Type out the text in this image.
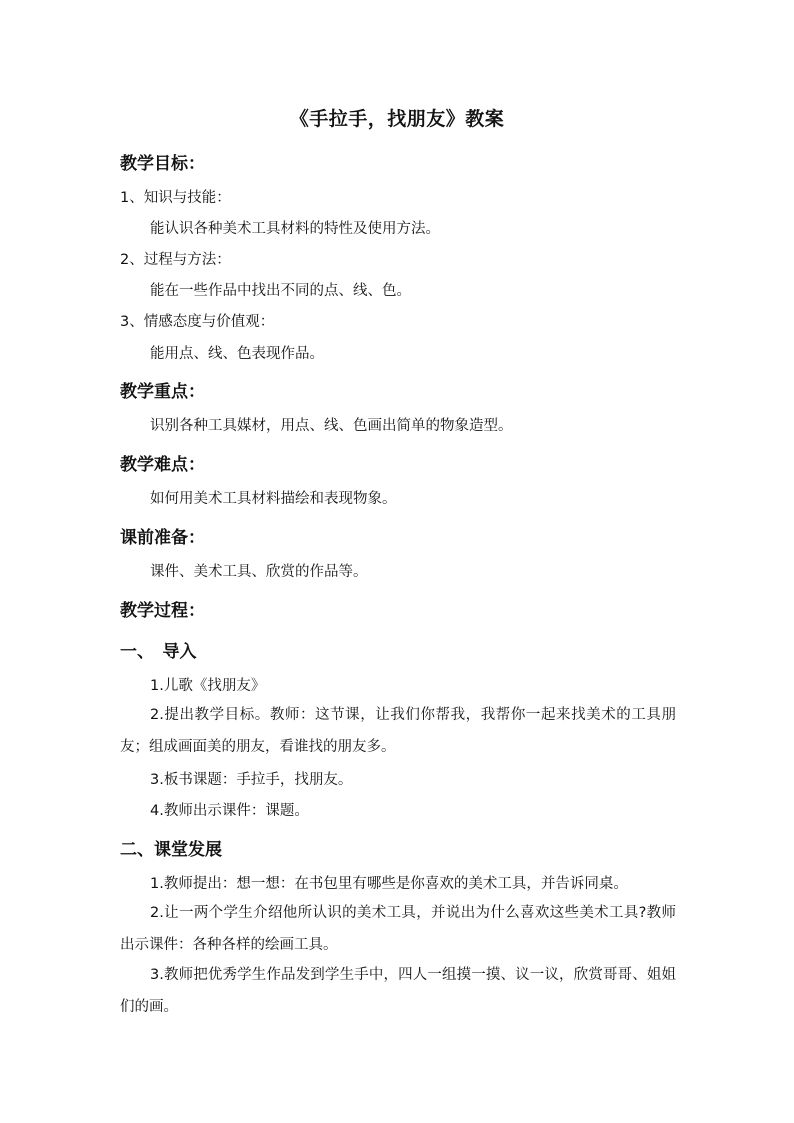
《手拉手，找朋友》教案
教学目标：
1、知识与技能：
能认识各种美术工具材料的特性及使用方法。
2、过程与方法：
能在一些作品中找出不同的点、线、色。
3、情感态度与价值观：
能用点、线、色表现作品。
教学重点：
识别各种工具媒材，用点、线、色画出简单的物象造型。
教学难点：
如何用美术工具材料描绘和表现物象。
课前准备：
课件、美术工具、欣赏的作品等。
教学过程：
一、　导入
1.儿歌《找朋友》
2.提出教学目标。教师：这节课，让我们你帮我，我帮你一起来找美术的工具朋友；组成画面美的朋友，看谁找的朋友多。
3.板书课题：手拉手，找朋友。
4.教师出示课件：课题。
二、课堂发展
1.教师提出：想一想：在书包里有哪些是你喜欢的美术工具，并告诉同桌。
2.让一两个学生介绍他所认识的美术工具，并说出为什么喜欢这些美术工具?教师出示课件：各种各样的绘画工具。
3.教师把优秀学生作品发到学生手中，四人一组摸一摸、议一议，欣赏哥哥、姐姐们的画。
